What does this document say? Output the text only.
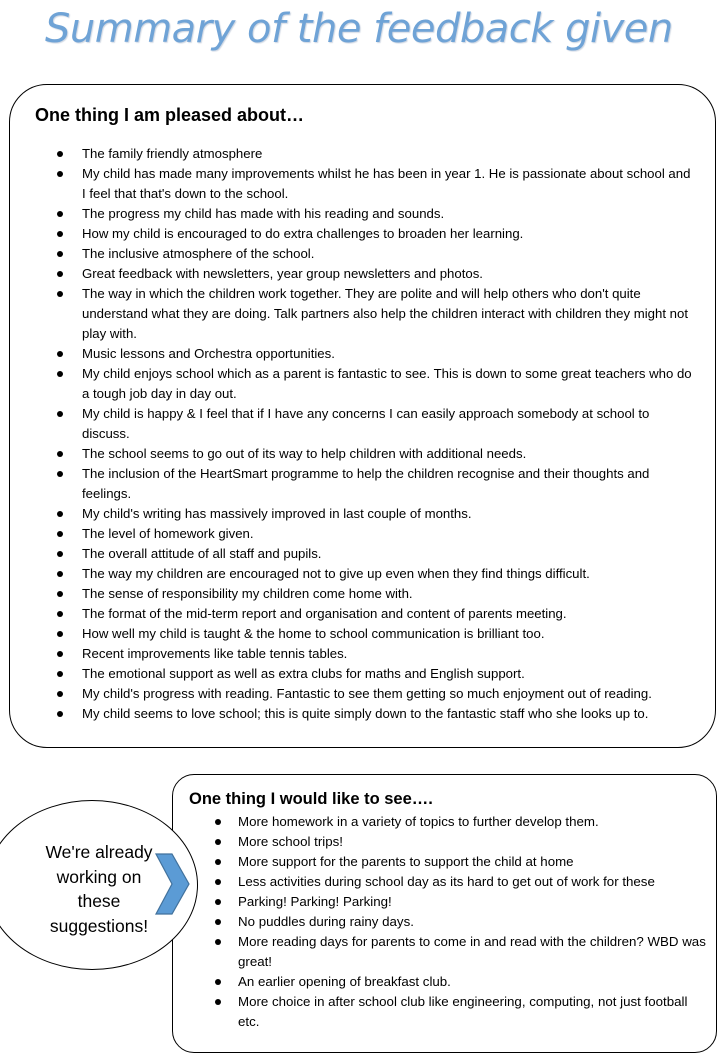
Summary of the feedback given
One thing I am pleased about…
The family friendly atmosphere
My child has made many improvements whilst he has been in year 1. He is passionate about school and I feel that that's down to the school.
The progress my child has made with his reading and sounds.
How my child is encouraged to do extra challenges to broaden her learning.
The inclusive atmosphere of the school.
Great feedback with newsletters, year group newsletters and photos.
The way in which the children work together. They are polite and will help others who don't quite understand what they are doing. Talk partners also help the children interact with children they might not play with.
Music lessons and Orchestra opportunities.
My child enjoys school which as a parent is fantastic to see. This is down to some great teachers who do a tough job day in day out.
My child is happy & I feel that if I have any concerns I can easily approach somebody at school to discuss.
The school seems to go out of its way to help children with additional needs.
The inclusion of the HeartSmart programme to help the children recognise and their thoughts and feelings.
My child's writing has massively improved in last couple of months.
The level of homework given.
The overall attitude of all staff and pupils.
The way my children are encouraged not to give up even when they find things difficult.
The sense of responsibility my children come home with.
The format of the mid-term report and organisation and content of parents meeting.
How well my child is taught & the home to school communication is brilliant too.
Recent improvements like table tennis tables.
The emotional support as well as extra clubs for maths and English support.
My child's progress with reading. Fantastic to see them getting so much enjoyment out of reading.
My child seems to love school; this is quite simply down to the fantastic staff who she looks up to.
One thing I would like to see….
More homework in a variety of topics to further develop them.
More school trips!
More support for the parents to support the child at home
Less activities during school day as its hard to get out of work for these
Parking! Parking! Parking!
No puddles during rainy days.
More reading days for parents to come in and read with the children? WBD was great!
An earlier opening of breakfast club.
More choice in after school club like engineering, computing, not just football etc.
We're already
working on
these
suggestions!
